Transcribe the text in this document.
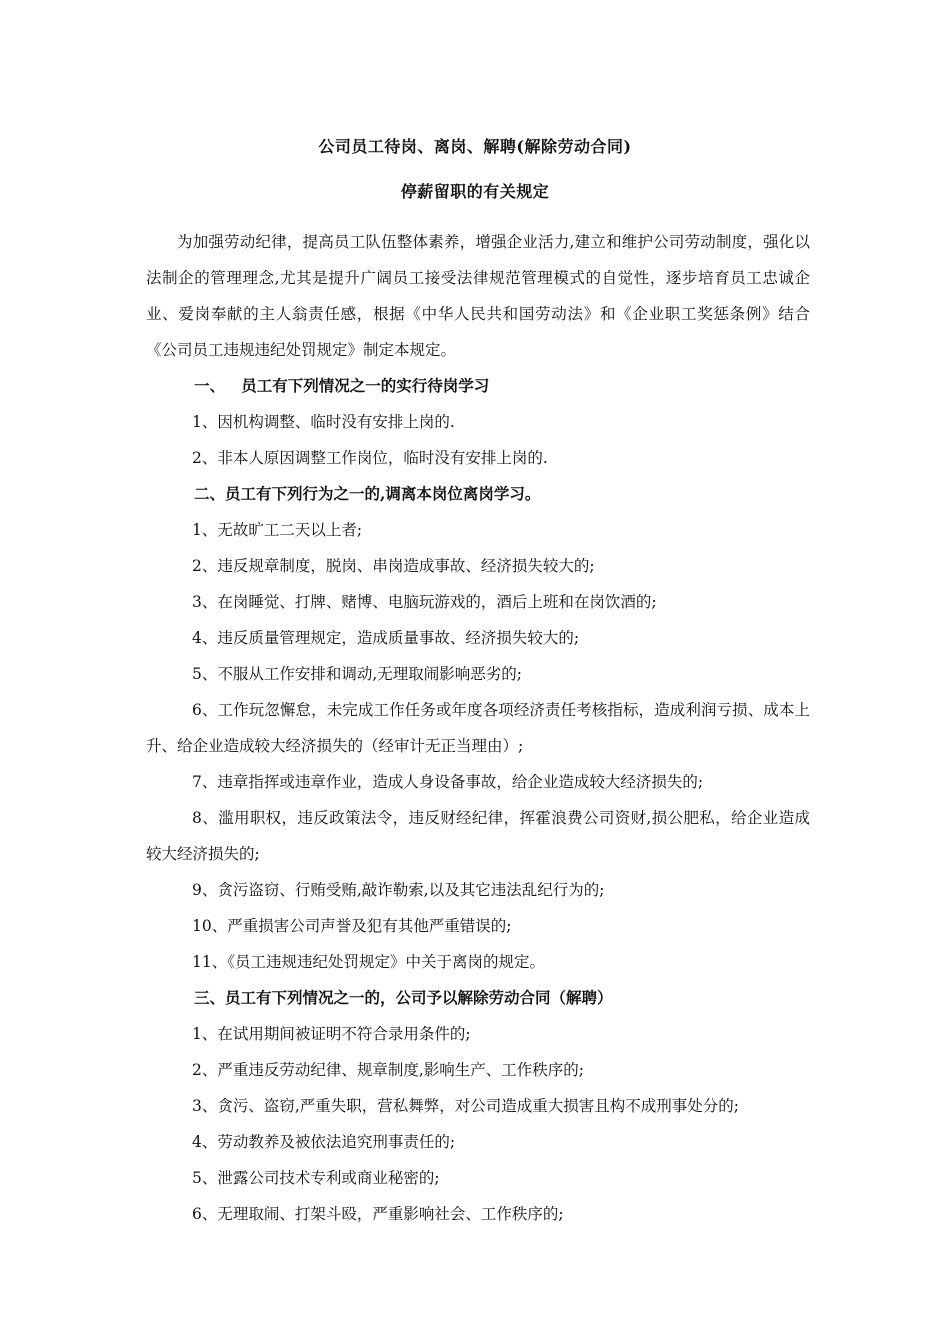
公司员工待岗、离岗、解聘(解除劳动合同)
停薪留职的有关规定

为加强劳动纪律，提高员工队伍整体素养，增强企业活力,建立和维护公司劳动制度，强化以法制企的管理理念,尤其是提升广阔员工接受法律规范管理模式的自觉性，逐步培育员工忠诚企业、爱岗奉献的主人翁责任感，根据《中华人民共和国劳动法》和《企业职工奖惩条例》结合《公司员工违规违纪处罚规定》制定本规定。

一、   员工有下列情况之一的实行待岗学习

1、因机构调整、临时没有安排上岗的.

2、非本人原因调整工作岗位，临时没有安排上岗的.

二、员工有下列行为之一的,调离本岗位离岗学习。

1、无故旷工二天以上者;

2、违反规章制度，脱岗、串岗造成事故、经济损失较大的;

3、在岗睡觉、打牌、赌博、电脑玩游戏的，酒后上班和在岗饮酒的;

4、违反质量管理规定，造成质量事故、经济损失较大的;

5、不服从工作安排和调动,无理取闹影响恶劣的;

6、工作玩忽懈怠，未完成工作任务或年度各项经济责任考核指标，造成利润亏损、成本上升、给企业造成较大经济损失的（经审计无正当理由）;

7、违章指挥或违章作业，造成人身设备事故，给企业造成较大经济损失的;

8、滥用职权，违反政策法令，违反财经纪律，挥霍浪费公司资财,损公肥私，给企业造成较大经济损失的;

9、贪污盗窃、行贿受贿,敲诈勒索,以及其它违法乱纪行为的;

10、严重损害公司声誉及犯有其他严重错误的;

11、《员工违规违纪处罚规定》中关于离岗的规定。

三、员工有下列情况之一的，公司予以解除劳动合同（解聘）

1、在试用期间被证明不符合录用条件的;

2、严重违反劳动纪律、规章制度,影响生产、工作秩序的;

3、贪污、盗窃,严重失职，营私舞弊，对公司造成重大损害且构不成刑事处分的;

4、劳动教养及被依法追究刑事责任的;

5、泄露公司技术专利或商业秘密的;

6、无理取闹、打架斗殴，严重影响社会、工作秩序的;
